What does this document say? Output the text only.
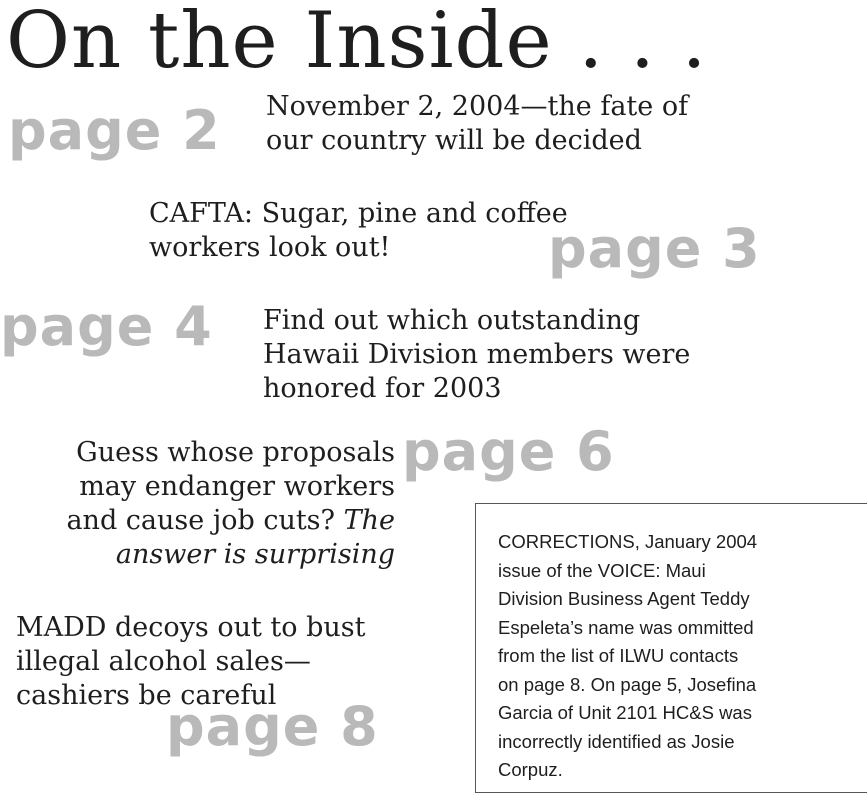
On the Inside . . .
page 2 November 2, 2004—the fate of
our country will be decided
CAFTA: Sugar, pine and coffee
workers look out!	page 3
page 4 Find out which outstanding
Hawaii Division members were
honored for 2003
Guess whose proposals
may endanger workers
and cause job cuts? The
answer is surprising
page 6
MADD decoys out to bust
illegal alcohol sales—
cashiers be careful
page 8
CORRECTIONS, January 2004
issue of the VOICE: Maui
Division Business Agent Teddy
Espeleta’s name was ommitted
from the list of ILWU contacts
on page 8. On page 5, Josefina
Garcia of Unit 2101 HC&S was
incorrectly identified as Josie
Corpuz.
